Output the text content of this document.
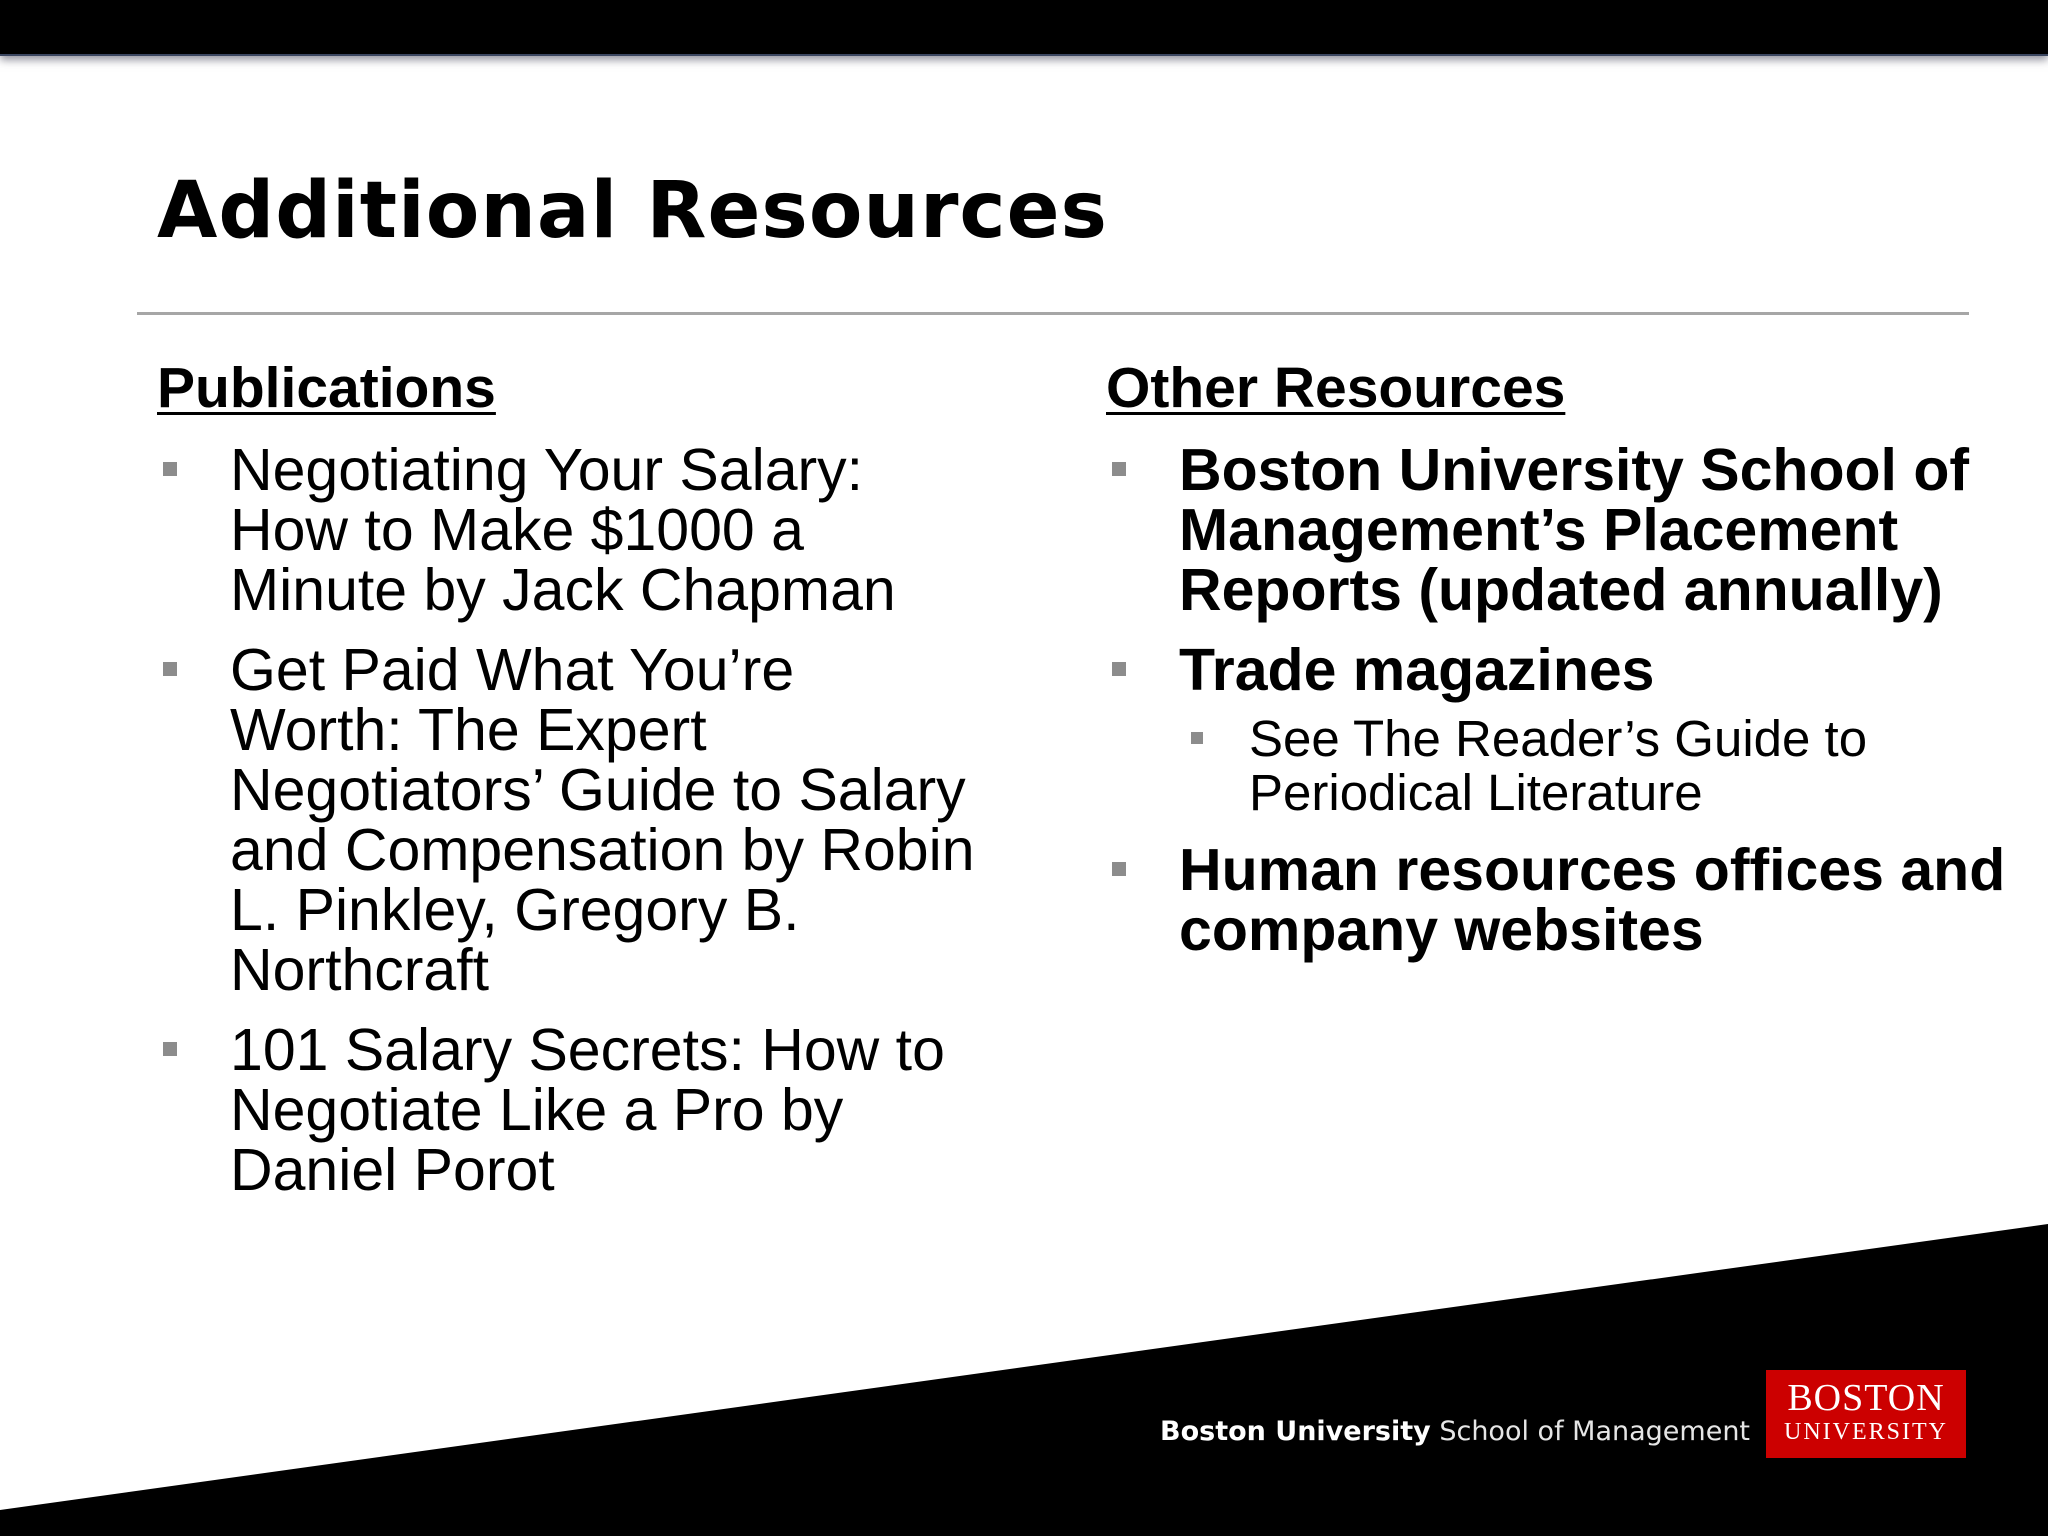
Additional Resources
Publications
Negotiating Your Salary: How to Make $1000 a Minute by Jack Chapman
Get Paid What You’re Worth: The Expert Negotiators’ Guide to Salary and Compensation by Robin L. Pinkley, Gregory B. Northcraft
101 Salary Secrets: How to Negotiate Like a Pro by Daniel Porot
Other Resources
Boston University School of Management’s Placement Reports (updated annually)
Trade magazines
See The Reader’s Guide to Periodical Literature
Human resources offices and company websites
Boston University School of Management
BOSTON
UNIVERSITY
